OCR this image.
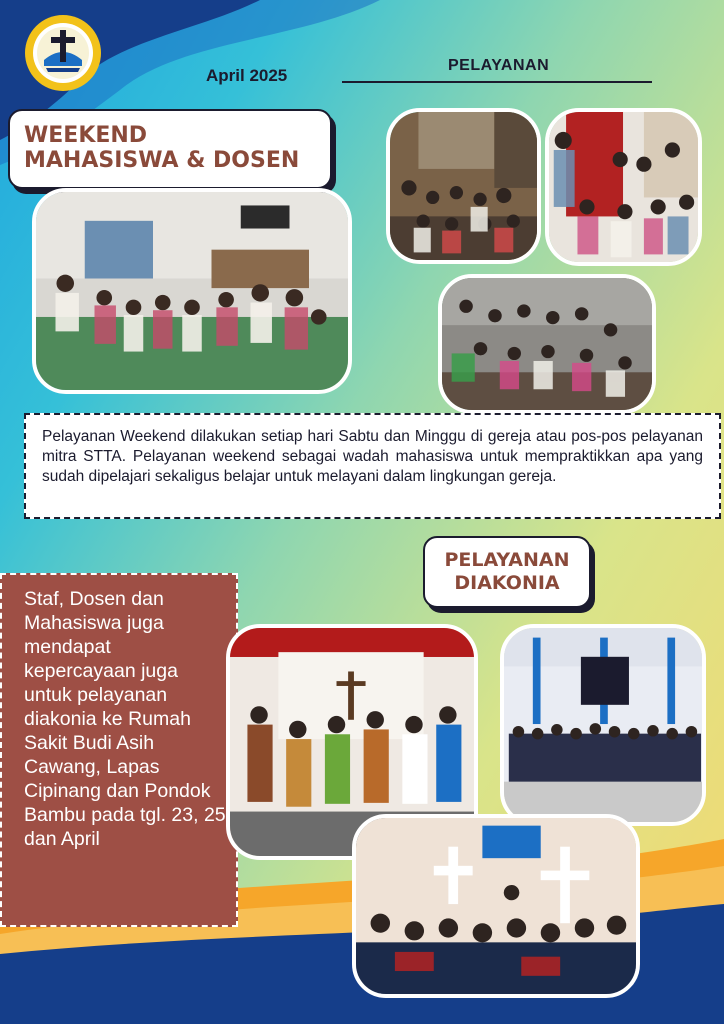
April 2025
PELAYANAN
WEEKEND
MAHASISWA & DOSEN

Pelayanan Weekend dilakukan setiap hari Sabtu dan Minggu di gereja atau pos-pos pelayanan mitra STTA. Pelayanan weekend sebagai wadah mahasiswa untuk mempraktikkan apa yang sudah dipelajari sekaligus belajar untuk melayani dalam lingkungan gereja.

PELAYANAN
DIAKONIA

Staf, Dosen dan Mahasiswa juga mendapat kepercayaan juga untuk pelayanan diakonia ke Rumah Sakit Budi Asih Cawang, Lapas Cipinang dan Pondok Bambu pada tgl. 23, 25 dan April
